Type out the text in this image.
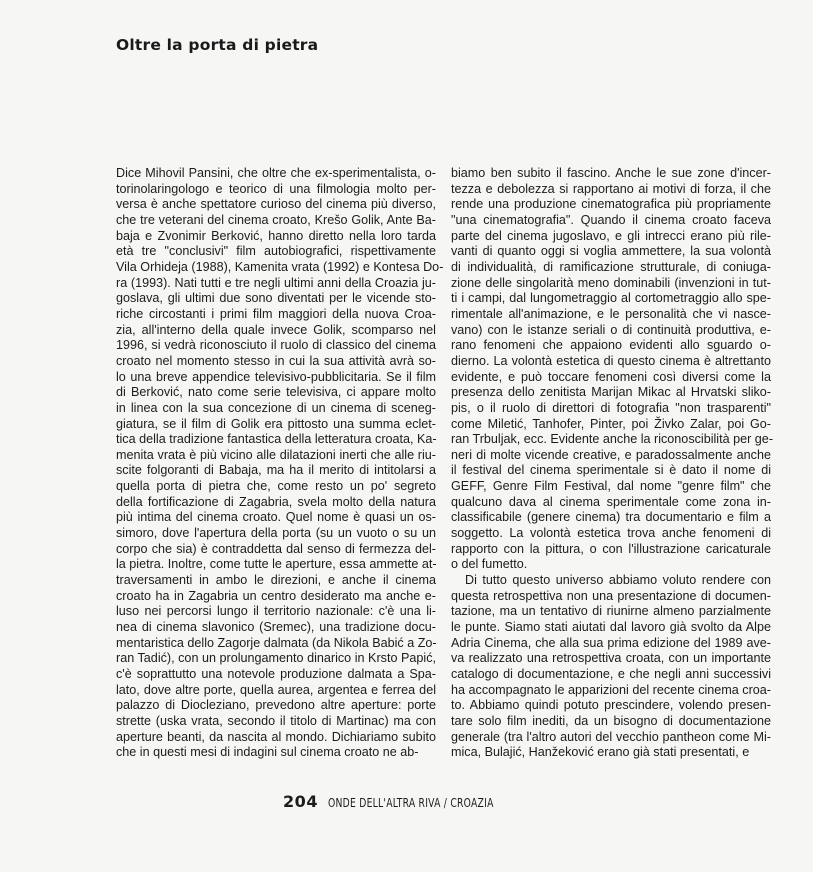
Oltre la porta di pietra
Dice Mihovil Pansini, che oltre che ex-sperimentalista, o-
torinolaringologo e teorico di una filmologia molto per-
versa è anche spettatore curioso del cinema più diverso,
che tre veterani del cinema croato, Krešo Golik, Ante Ba-
baja e Zvonimir Berković, hanno diretto nella loro tarda
età tre "conclusivi" film autobiografici, rispettivamente
Vila Orhideja (1988), Kamenita vrata (1992) e Kontesa Do-
ra (1993). Nati tutti e tre negli ultimi anni della Croazia ju-
goslava, gli ultimi due sono diventati per le vicende sto-
riche circostanti i primi film maggiori della nuova Croa-
zia, all'interno della quale invece Golik, scomparso nel
1996, si vedrà riconosciuto il ruolo di classico del cinema
croato nel momento stesso in cui la sua attività avrà so-
lo una breve appendice televisivo-pubblicitaria. Se il film
di Berković, nato come serie televisiva, ci appare molto
in linea con la sua concezione di un cinema di sceneg-
giatura, se il film di Golik era pittosto una summa eclet-
tica della tradizione fantastica della letteratura croata, Ka-
menita vrata è più vicino alle dilatazioni inerti che alle riu-
scite folgoranti di Babaja, ma ha il merito di intitolarsi a
quella porta di pietra che, come resto un po' segreto
della fortificazione di Zagabria, svela molto della natura
più intima del cinema croato. Quel nome è quasi un os-
simoro, dove l'apertura della porta (su un vuoto o su un
corpo che sia) è contraddetta dal senso di fermezza del-
la pietra. Inoltre, come tutte le aperture, essa ammette at-
traversamenti in ambo le direzioni, e anche il cinema
croato ha in Zagabria un centro desiderato ma anche e-
luso nei percorsi lungo il territorio nazionale: c'è una li-
nea di cinema slavonico (Sremec), una tradizione docu-
mentaristica dello Zagorje dalmata (da Nikola Babić a Zo-
ran Tadić), con un prolungamento dinarico in Krsto Papić,
c'è soprattutto una notevole produzione dalmata a Spa-
lato, dove altre porte, quella aurea, argentea e ferrea del
palazzo di Diocleziano, prevedono altre aperture: porte
strette (uska vrata, secondo il titolo di Martinac) ma con
aperture beanti, da nascita al mondo. Dichiariamo subito
che in questi mesi di indagini sul cinema croato ne ab-
biamo ben subito il fascino. Anche le sue zone d'incer-
tezza e debolezza si rapportano ai motivi di forza, il che
rende una produzione cinematografica più propriamente
"una cinematografia". Quando il cinema croato faceva
parte del cinema jugoslavo, e gli intrecci erano più rile-
vanti di quanto oggi si voglia ammettere, la sua volontà
di individualità, di ramificazione strutturale, di coniuga-
zione delle singolarità meno dominabili (invenzioni in tut-
ti i campi, dal lungometraggio al cortometraggio allo spe-
rimentale all'animazione, e le personalità che vi nasce-
vano) con le istanze seriali o di continuità produttiva, e-
rano fenomeni che appaiono evidenti allo sguardo o-
dierno. La volontà estetica di questo cinema è altrettanto
evidente, e può toccare fenomeni così diversi come la
presenza dello zenitista Marijan Mikac al Hrvatski sliko-
pis, o il ruolo di direttori di fotografia "non trasparenti"
come Miletić, Tanhofer, Pinter, poi Živko Zalar, poi Go-
ran Trbuljak, ecc. Evidente anche la riconoscibilità per ge-
neri di molte vicende creative, e paradossalmente anche
il festival del cinema sperimentale si è dato il nome di
GEFF, Genre Film Festival, dal nome "genre film" che
qualcuno dava al cinema sperimentale come zona in-
classificabile (genere cinema) tra documentario e film a
soggetto. La volontà estetica trova anche fenomeni di
rapporto con la pittura, o con l'illustrazione caricaturale
o del fumetto.
Di tutto questo universo abbiamo voluto rendere con
questa retrospettiva non una presentazione di documen-
tazione, ma un tentativo di riunirne almeno parzialmente
le punte. Siamo stati aiutati dal lavoro già svolto da Alpe
Adria Cinema, che alla sua prima edizione del 1989 ave-
va realizzato una retrospettiva croata, con un importante
catalogo di documentazione, e che negli anni successivi
ha accompagnato le apparizioni del recente cinema croa-
to. Abbiamo quindi potuto prescindere, volendo presen-
tare solo film inediti, da un bisogno di documentazione
generale (tra l'altro autori del vecchio pantheon come Mi-
mica, Bulajić, Hanžeković erano già stati presentati, e
204 ONDE DELL'ALTRA RIVA / CROAZIA
